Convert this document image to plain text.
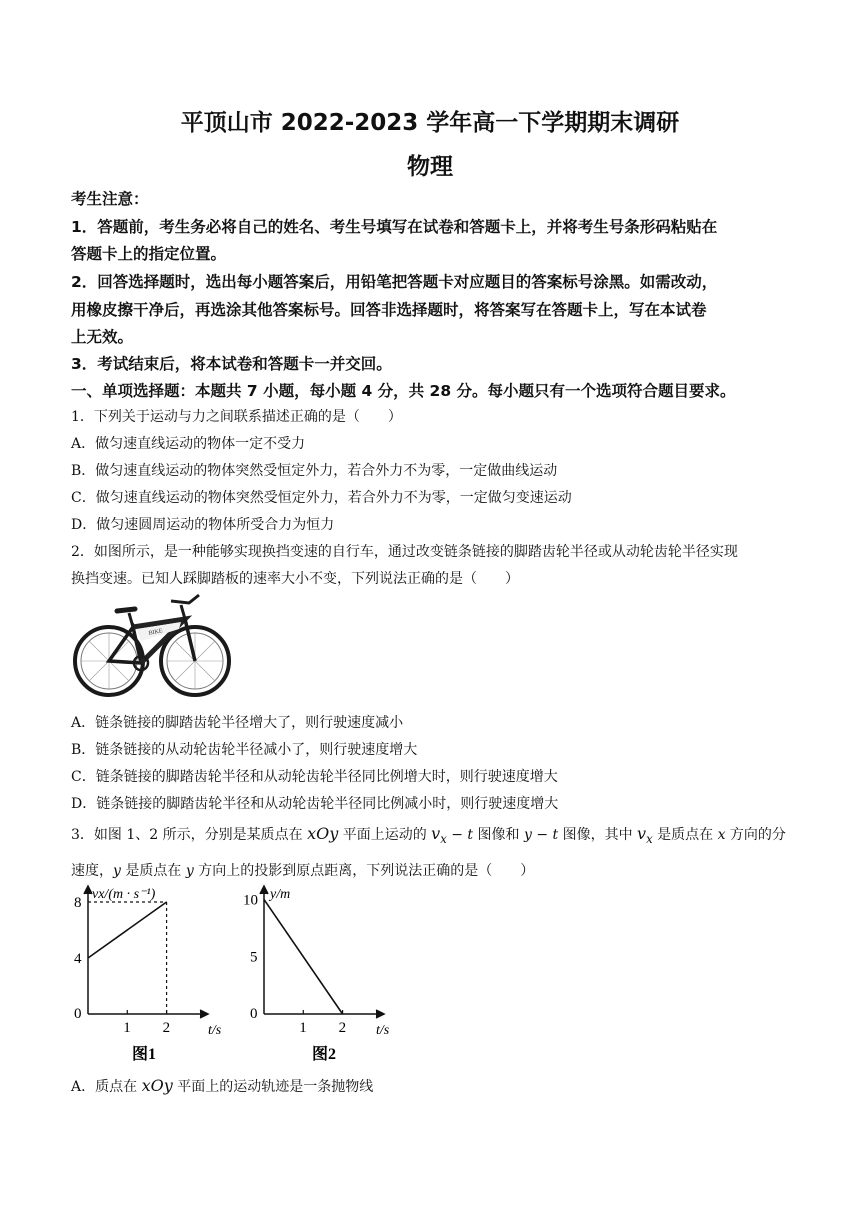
平顶山市 2022-2023 学年高一下学期期末调研
物理
考生注意：
1．答题前，考生务必将自己的姓名、考生号填写在试卷和答题卡上，并将考生号条形码粘贴在
答题卡上的指定位置。
2．回答选择题时，选出每小题答案后，用铅笔把答题卡对应题目的答案标号涂黑。如需改动，
用橡皮擦干净后，再选涂其他答案标号。回答非选择题时，将答案写在答题卡上，写在本试卷
上无效。
3．考试结束后，将本试卷和答题卡一并交回。
一、单项选择题：本题共 7 小题，每小题 4 分，共 28 分。每小题只有一个选项符合题目要求。
1．下列关于运动与力之间联系描述正确的是（　　）
A．做匀速直线运动的物体一定不受力
B．做匀速直线运动的物体突然受恒定外力，若合外力不为零，一定做曲线运动
C．做匀速直线运动的物体突然受恒定外力，若合外力不为零，一定做匀变速运动
D．做匀速圆周运动的物体所受合力为恒力
2．如图所示，是一种能够实现换挡变速的自行车，通过改变链条链接的脚踏齿轮半径或从动轮齿轮半径实现
换挡变速。已知人踩脚踏板的速率大小不变，下列说法正确的是（　　）
BIKE
A．链条链接的脚踏齿轮半径增大了，则行驶速度减小
B．链条链接的从动轮齿轮半径减小了，则行驶速度增大
C．链条链接的脚踏齿轮半径和从动轮齿轮半径同比例增大时，则行驶速度增大
D．链条链接的脚踏齿轮半径和从动轮齿轮半径同比例减小时，则行驶速度增大
3．如图 1、2 所示，分别是某质点在 xOy 平面上运动的 $v_x - t$ 图像和 y − t 图像，其中 $v_x$ 是质点在 x 方向的分
速度，y 是质点在 y 方向上的投影到原点距离，下列说法正确的是（　　）
0
1 2
4
8
vx/(m · s⁻¹)
t/s
图1
1 2
0
5
10 y/m
t/s
图2
A．质点在 xOy 平面上的运动轨迹是一条抛物线
